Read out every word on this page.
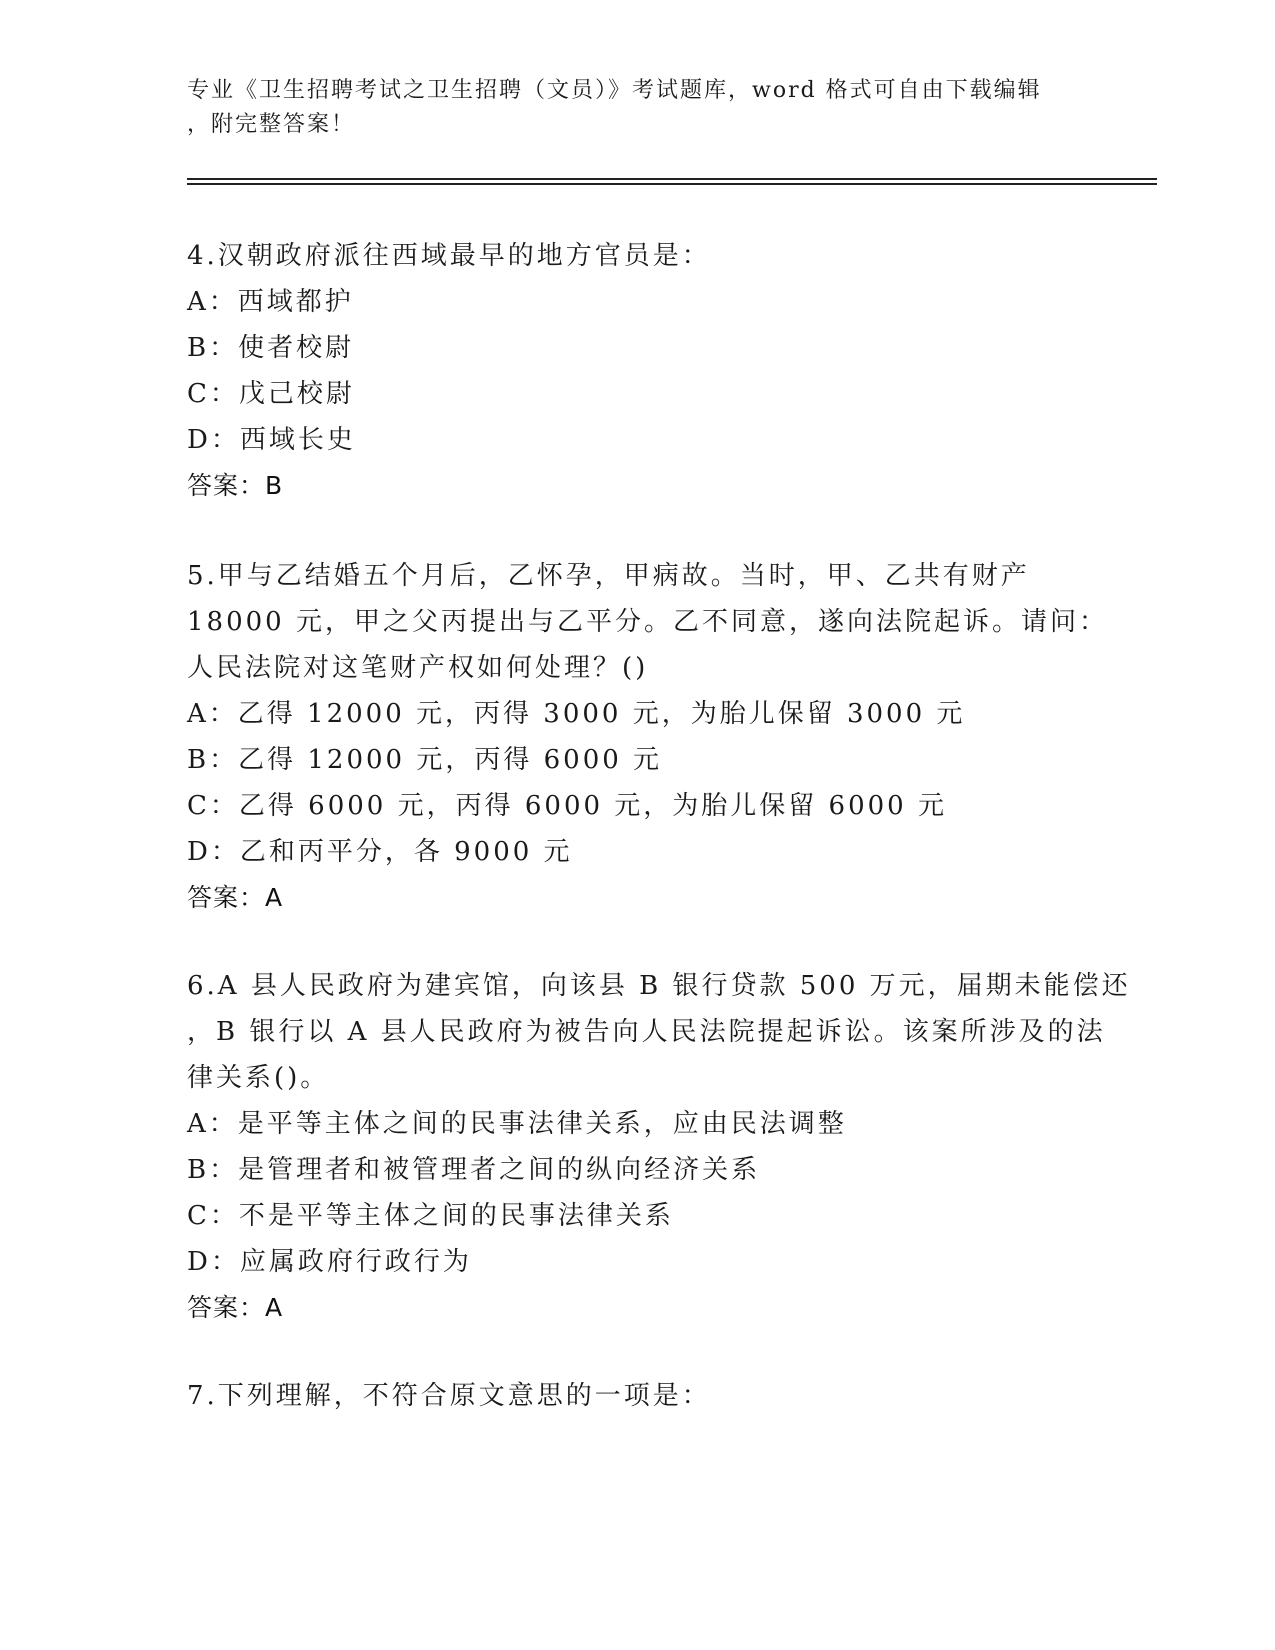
专业《卫生招聘考试之卫生招聘（文员）》考试题库，word 格式可自由下载编辑
，附完整答案！
4.汉朝政府派往西域最早的地方官员是：
A：西域都护
B：使者校尉
C：戊己校尉
D：西域长史
答案：B
5.甲与乙结婚五个月后，乙怀孕，甲病故。当时，甲、乙共有财产
18000 元，甲之父丙提出与乙平分。乙不同意，遂向法院起诉。请问：
人民法院对这笔财产权如何处理？()
A：乙得 12000 元，丙得 3000 元，为胎儿保留 3000 元
B：乙得 12000 元，丙得 6000 元
C：乙得 6000 元，丙得 6000 元，为胎儿保留 6000 元
D：乙和丙平分，各 9000 元
答案：A
6.A 县人民政府为建宾馆，向该县 B 银行贷款 500 万元，届期未能偿还
，B 银行以 A 县人民政府为被告向人民法院提起诉讼。该案所涉及的法
律关系()。
A：是平等主体之间的民事法律关系，应由民法调整
B：是管理者和被管理者之间的纵向经济关系
C：不是平等主体之间的民事法律关系
D：应属政府行政行为
答案：A
7.下列理解，不符合原文意思的一项是：
